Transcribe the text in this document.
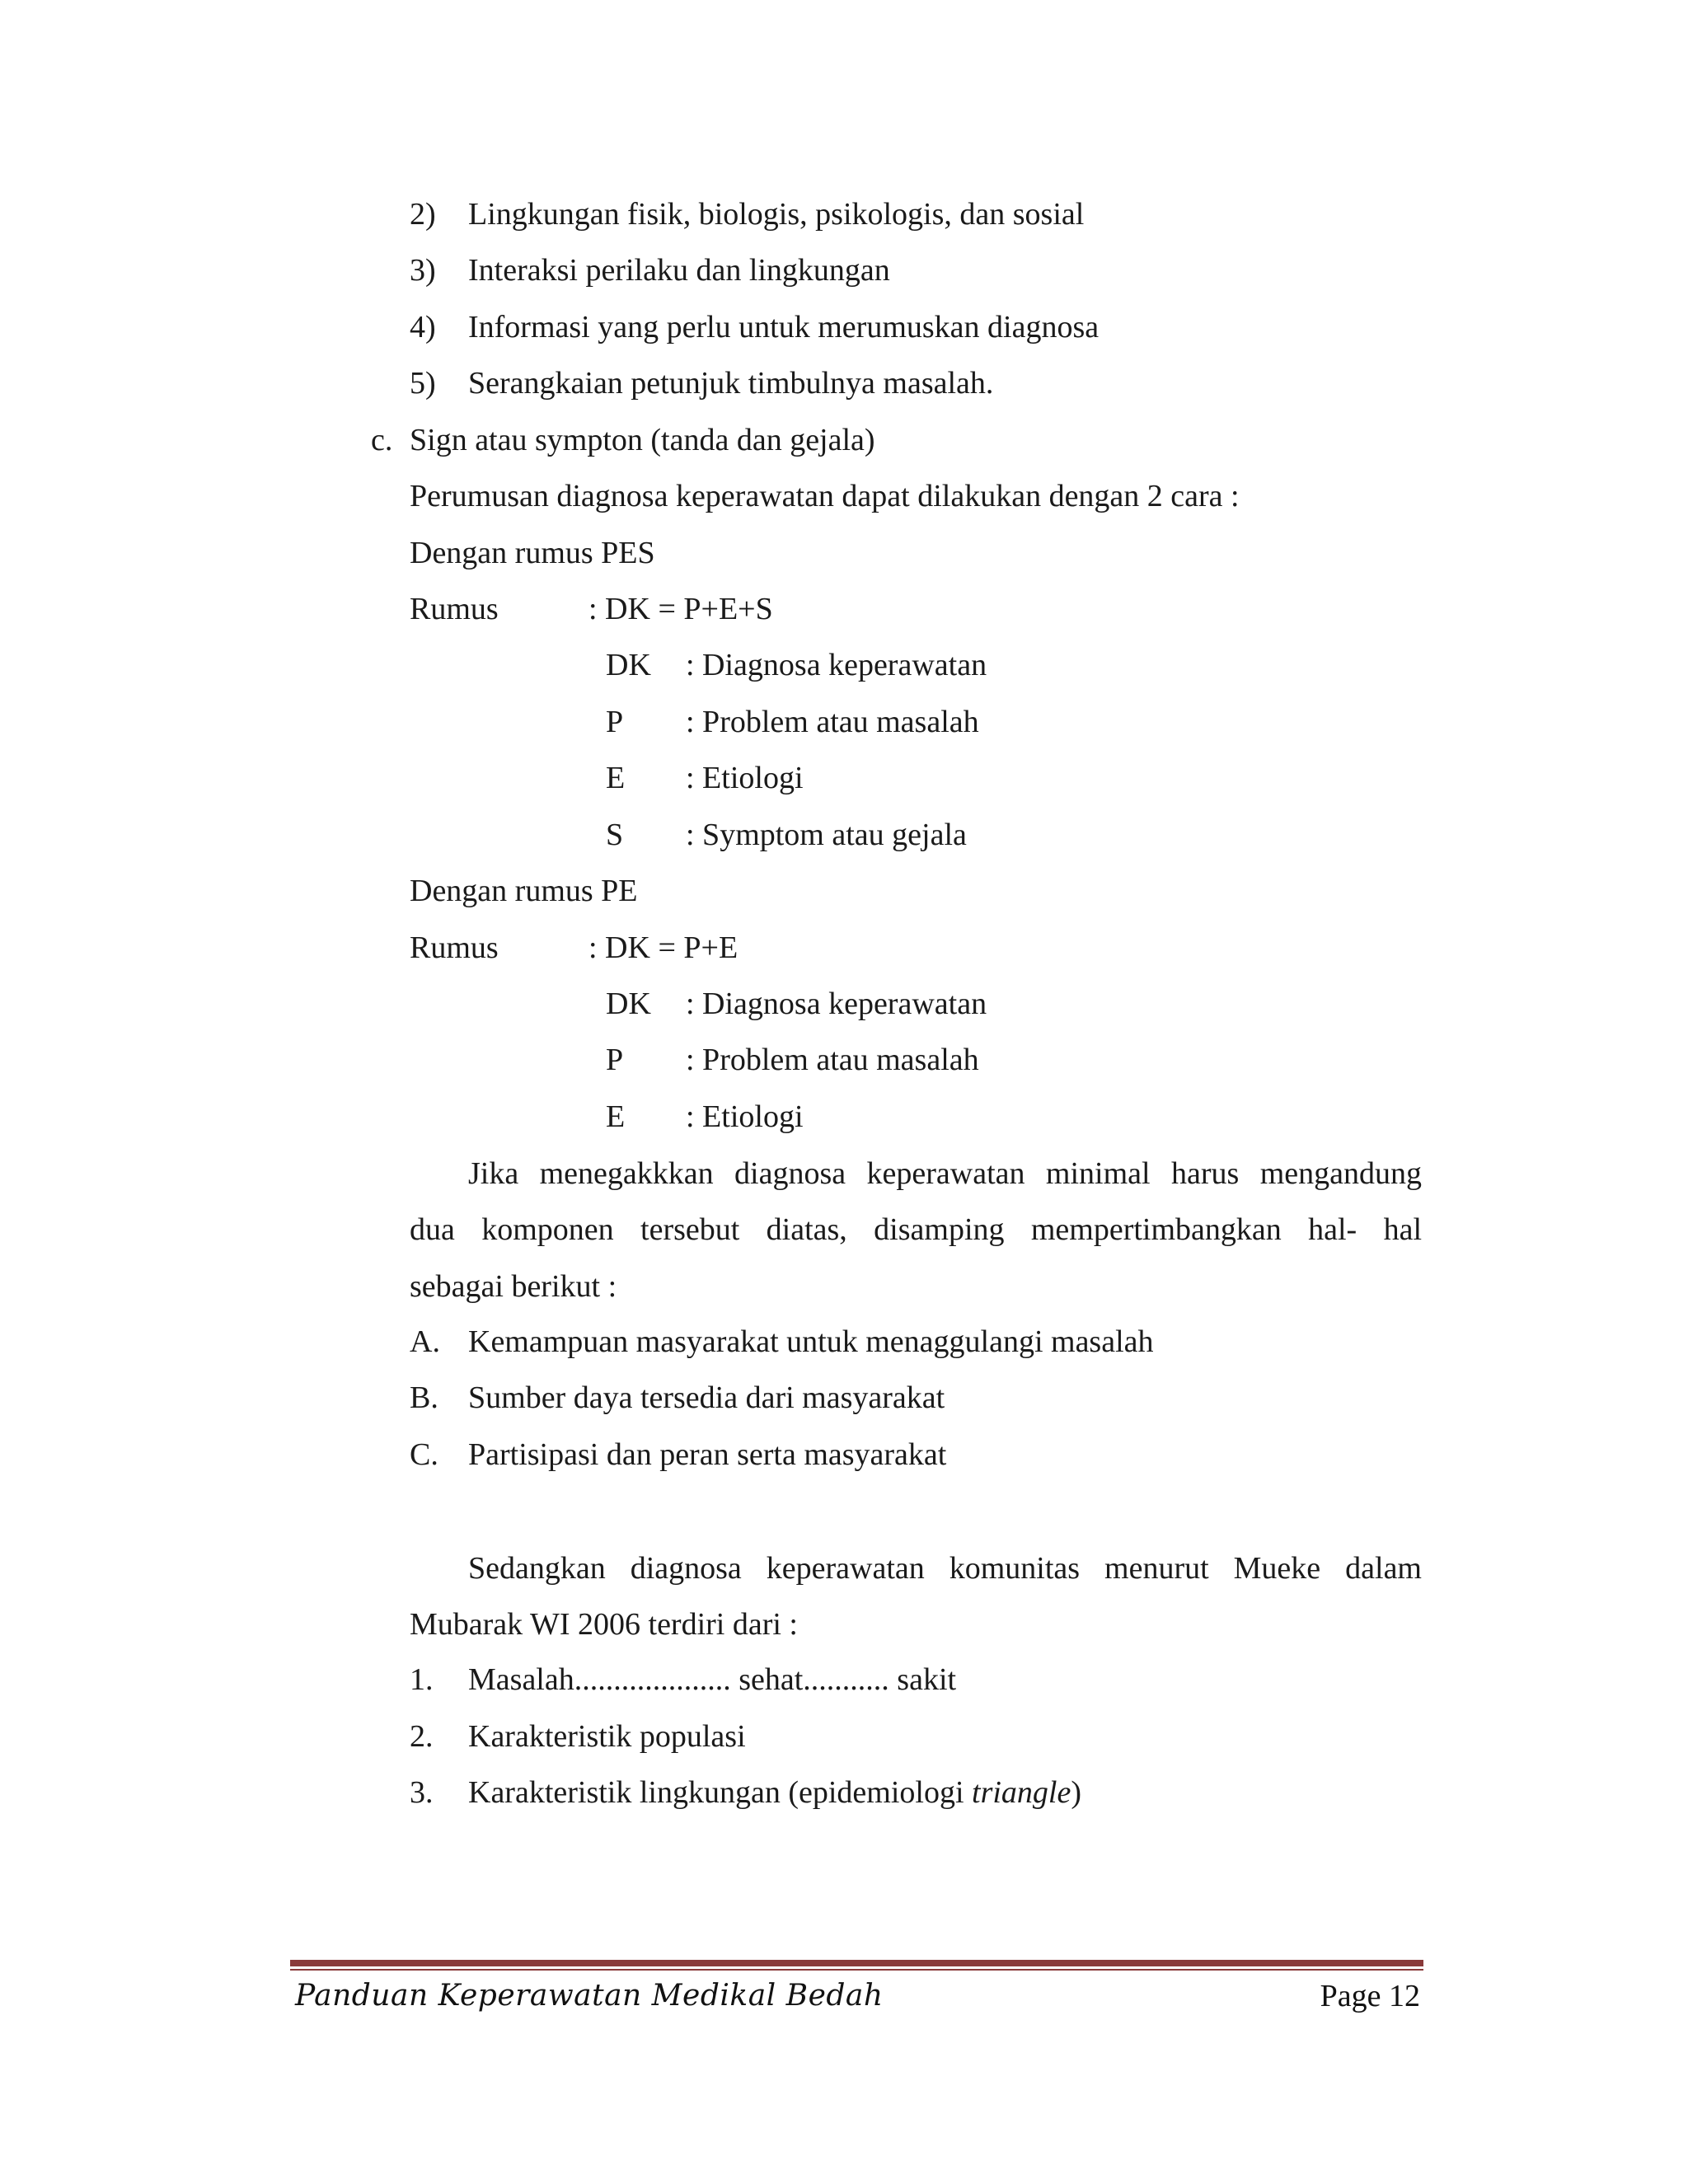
2) Lingkungan fisik, biologis, psikologis, dan sosial
3) Interaksi perilaku dan lingkungan
4) Informasi yang perlu untuk merumuskan diagnosa
5) Serangkaian petunjuk timbulnya masalah.
c. Sign atau sympton (tanda dan gejala)
Perumusan diagnosa keperawatan dapat dilakukan dengan 2 cara :
Dengan rumus PES
Rumus	: DK = P+E+S
DK : Diagnosa keperawatan
P : Problem atau masalah
E : Etiologi
S : Symptom atau gejala
Dengan rumus PE
Rumus	: DK = P+E
DK : Diagnosa keperawatan
P : Problem atau masalah
E : Etiologi
Jika menegakkkan diagnosa keperawatan minimal harus mengandung
dua komponen tersebut diatas, disamping mempertimbangkan hal- hal
sebagai berikut :
A. Kemampuan masyarakat untuk menaggulangi masalah
B. Sumber daya tersedia dari masyarakat
C. Partisipasi dan peran serta masyarakat
Sedangkan diagnosa keperawatan komunitas menurut Mueke dalam
Mubarak WI 2006 terdiri dari :
1. Masalah.................... sehat........... sakit
2. Karakteristik populasi
3. Karakteristik lingkungan (epidemiologi triangle)
Panduan Keperawatan Medikal Bedah	Page 12
